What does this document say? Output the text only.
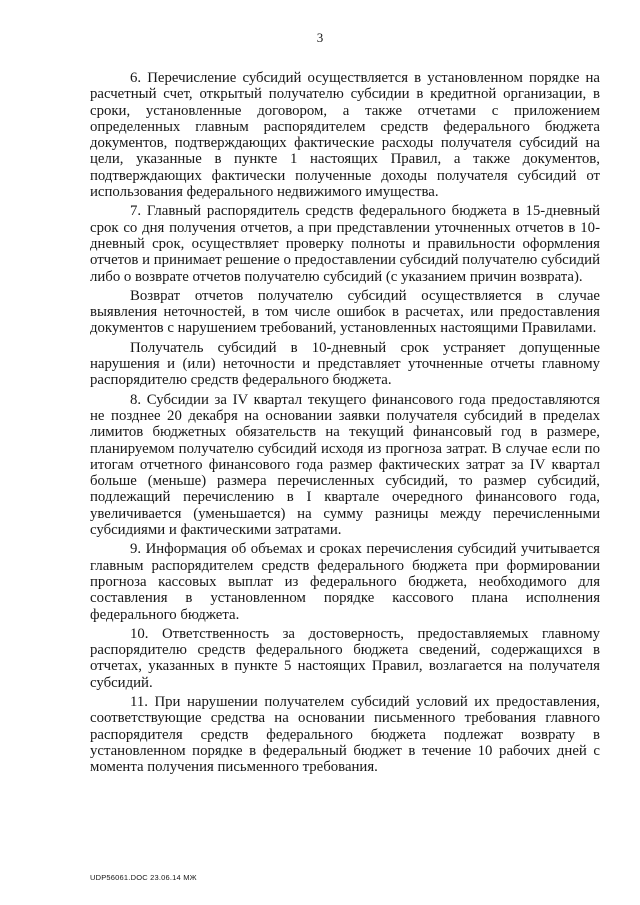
3

6. Перечисление субсидий осуществляется в установленном порядке на расчетный счет, открытый получателю субсидии в кредитной организации, в сроки, установленные договором, а также отчетами с приложением определенных главным распорядителем средств федерального бюджета документов, подтверждающих фактические расходы получателя субсидий на цели, указанные в пункте 1 настоящих Правил, а также документов, подтверждающих фактически полученные доходы получателя субсидий от использования федерального недвижимого имущества.

7. Главный распорядитель средств федерального бюджета в 15-дневный срок со дня получения отчетов, а при представлении уточненных отчетов в 10-дневный срок, осуществляет проверку полноты и правильности оформления отчетов и принимает решение о предоставлении субсидий получателю субсидий либо о возврате отчетов получателю субсидий (с указанием причин возврата).

Возврат отчетов получателю субсидий осуществляется в случае выявления неточностей, в том числе ошибок в расчетах, или предоставления документов с нарушением требований, установленных настоящими Правилами.

Получатель субсидий в 10-дневный срок устраняет допущенные нарушения и (или) неточности и представляет уточненные отчеты главному распорядителю средств федерального бюджета.

8. Субсидии за IV квартал текущего финансового года предоставляются не позднее 20 декабря на основании заявки получателя субсидий в пределах лимитов бюджетных обязательств на текущий финансовый год в размере, планируемом получателю субсидий исходя из прогноза затрат. В случае если по итогам отчетного финансового года размер фактических затрат за IV квартал больше (меньше) размера перечисленных субсидий, то размер субсидий, подлежащий перечислению в I квартале очередного финансового года, увеличивается (уменьшается) на сумму разницы между перечисленными субсидиями и фактическими затратами.

9. Информация об объемах и сроках перечисления субсидий учитывается главным распорядителем средств федерального бюджета при формировании прогноза кассовых выплат из федерального бюджета, необходимого для составления в установленном порядке кассового плана исполнения федерального бюджета.

10. Ответственность за достоверность, предоставляемых главному распорядителю средств федерального бюджета сведений, содержащихся в отчетах, указанных в пункте 5 настоящих Правил, возлагается на получателя субсидий.

11. При нарушении получателем субсидий условий их предоставления, соответствующие средства на основании письменного требования главного распорядителя средств федерального бюджета подлежат возврату в установленном порядке в федеральный бюджет в течение 10 рабочих дней с момента получения письменного требования.

UDP56061.DOC 23.06.14 МЖ
